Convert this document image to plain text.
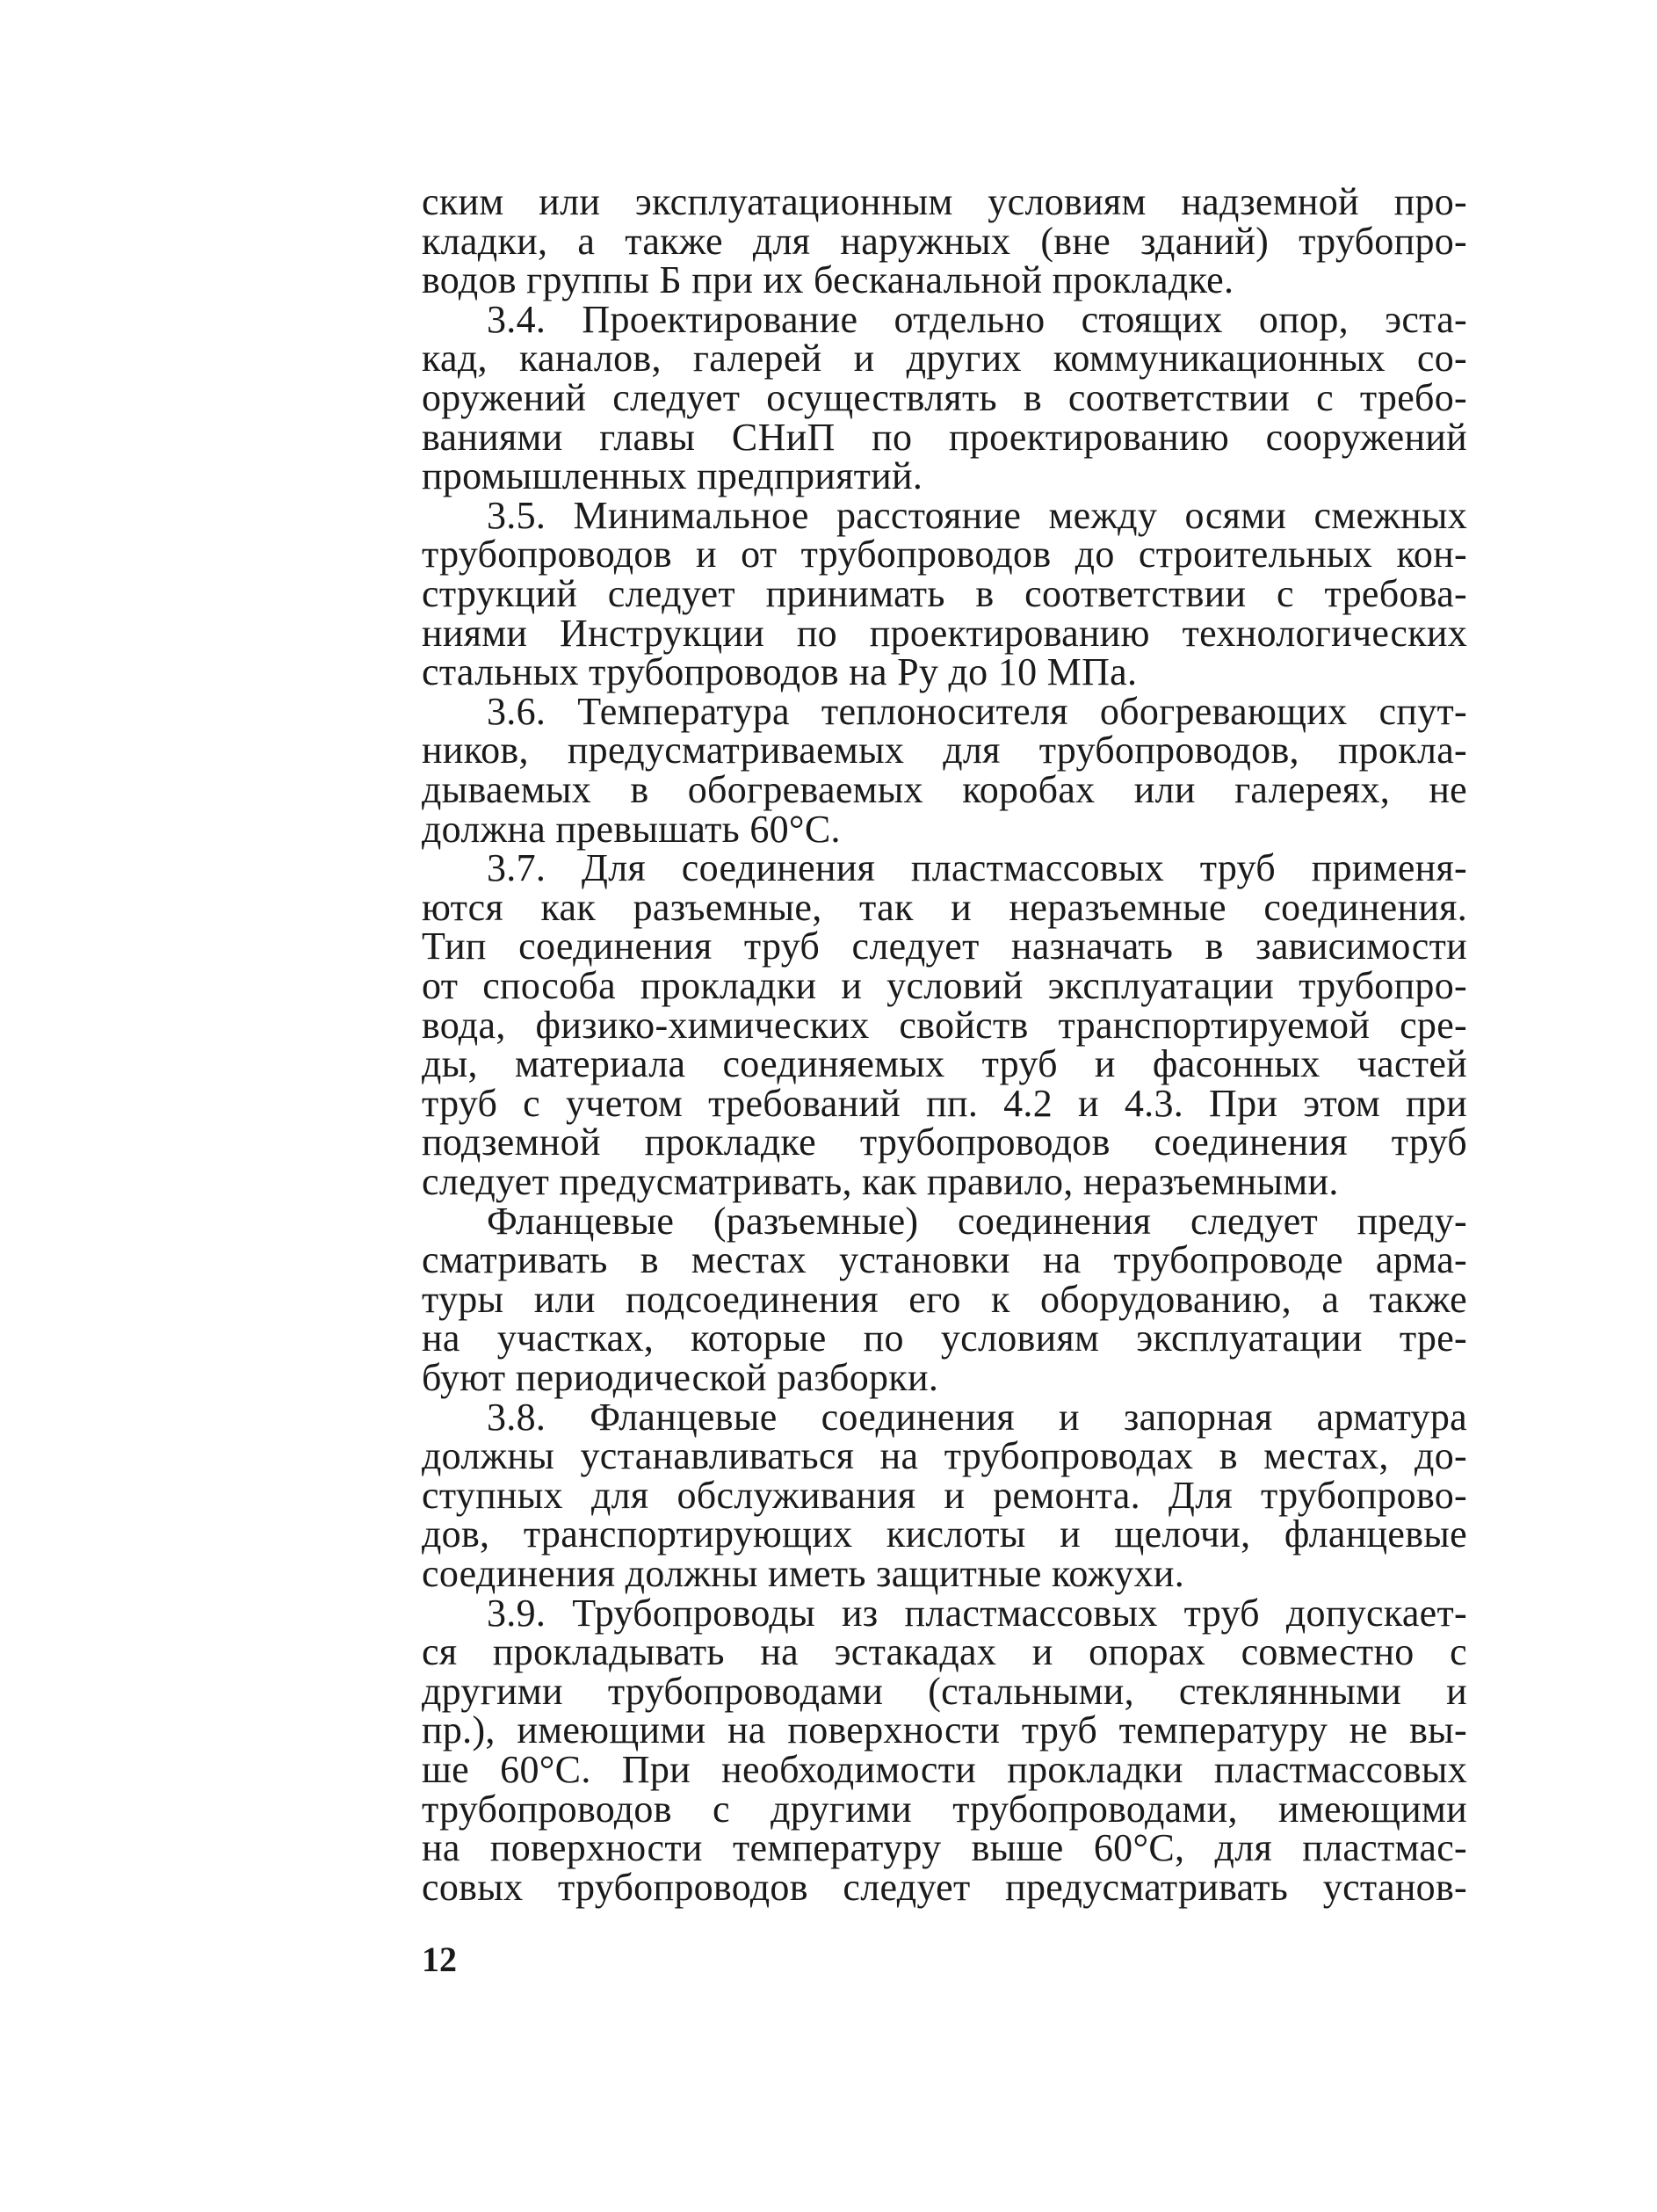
ским или эксплуатационным условиям надземной про-
кладки, а также для наружных (вне зданий) трубопро-
водов группы Б при их бесканальной прокладке.
3.4. Проектирование отдельно стоящих опор, эста-
кад, каналов, галерей и других коммуникационных со-
оружений следует осуществлять в соответствии с требо-
ваниями главы СНиП по проектированию сооружений
промышленных предприятий.
3.5. Минимальное расстояние между осями смежных
трубопроводов и от трубопроводов до строительных кон-
струкций следует принимать в соответствии с требова-
ниями Инструкции по проектированию технологических
стальных трубопроводов на Pу до 10 МПа.
3.6. Температура теплоносителя обогревающих спут-
ников, предусматриваемых для трубопроводов, прокла-
дываемых в обогреваемых коробах или галереях, не
должна превышать 60°C.
3.7. Для соединения пластмассовых труб применя-
ются как разъемные, так и неразъемные соединения.
Тип соединения труб следует назначать в зависимости
от способа прокладки и условий эксплуатации трубопро-
вода, физико-химических свойств транспортируемой сре-
ды, материала соединяемых труб и фасонных частей
труб с учетом требований пп. 4.2 и 4.3. При этом при
подземной прокладке трубопроводов соединения труб
следует предусматривать, как правило, неразъемными.
Фланцевые (разъемные) соединения следует преду-
сматривать в местах установки на трубопроводе арма-
туры или подсоединения его к оборудованию, а также
на участках, которые по условиям эксплуатации тре-
буют периодической разборки.
3.8. Фланцевые соединения и запорная арматура
должны устанавливаться на трубопроводах в местах, до-
ступных для обслуживания и ремонта. Для трубопрово-
дов, транспортирующих кислоты и щелочи, фланцевые
соединения должны иметь защитные кожухи.
3.9. Трубопроводы из пластмассовых труб допускает-
ся прокладывать на эстакадах и опорах совместно с
другими трубопроводами (стальными, стеклянными и
пр.), имеющими на поверхности труб температуру не вы-
ше 60°C. При необходимости прокладки пластмассовых
трубопроводов с другими трубопроводами, имеющими
на поверхности температуру выше 60°C, для пластмас-
совых трубопроводов следует предусматривать установ-
12
